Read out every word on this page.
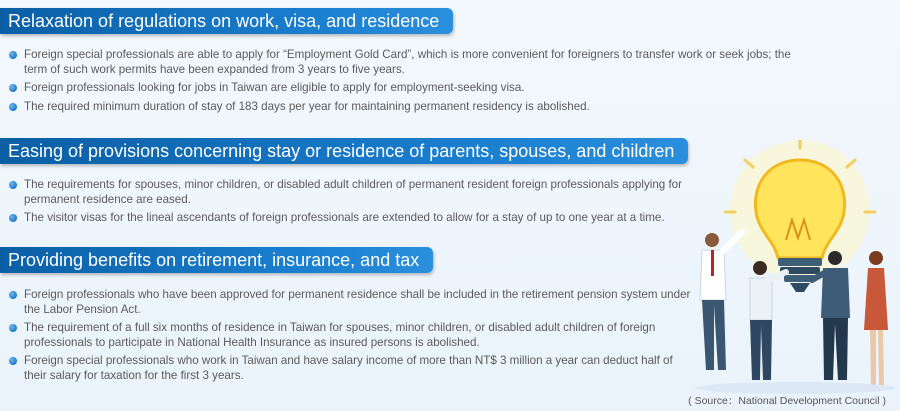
Relaxation of regulations on work, visa, and residence
Foreign special professionals are able to apply for “Employment Gold Card”, which is more convenient for foreigners to transfer work or seek jobs; the term of such work permits have been expanded from 3 years to five years.
Foreign professionals looking for jobs in Taiwan are eligible to apply for employment-seeking visa.
The required minimum duration of stay of 183 days per year for maintaining permanent residency is abolished.
Easing of provisions concerning stay or residence of parents, spouses, and children
The requirements for spouses, minor children, or disabled adult children of permanent resident foreign professionals applying for permanent residence are eased.
The visitor visas for the lineal ascendants of foreign professionals are extended to allow for a stay of up to one year at a time.
Providing benefits on retirement, insurance, and tax
Foreign professionals who have been approved for permanent residence shall be included in the retirement pension system under the Labor Pension Act.
The requirement of a full six months of residence in Taiwan for spouses, minor children, or disabled adult children of foreign professionals to participate in National Health Insurance as insured persons is abolished.
Foreign special professionals who work in Taiwan and have salary income of more than NT$ 3 million a year can deduct half of their salary for taxation for the first 3 years.
( Source：National Development Council )
